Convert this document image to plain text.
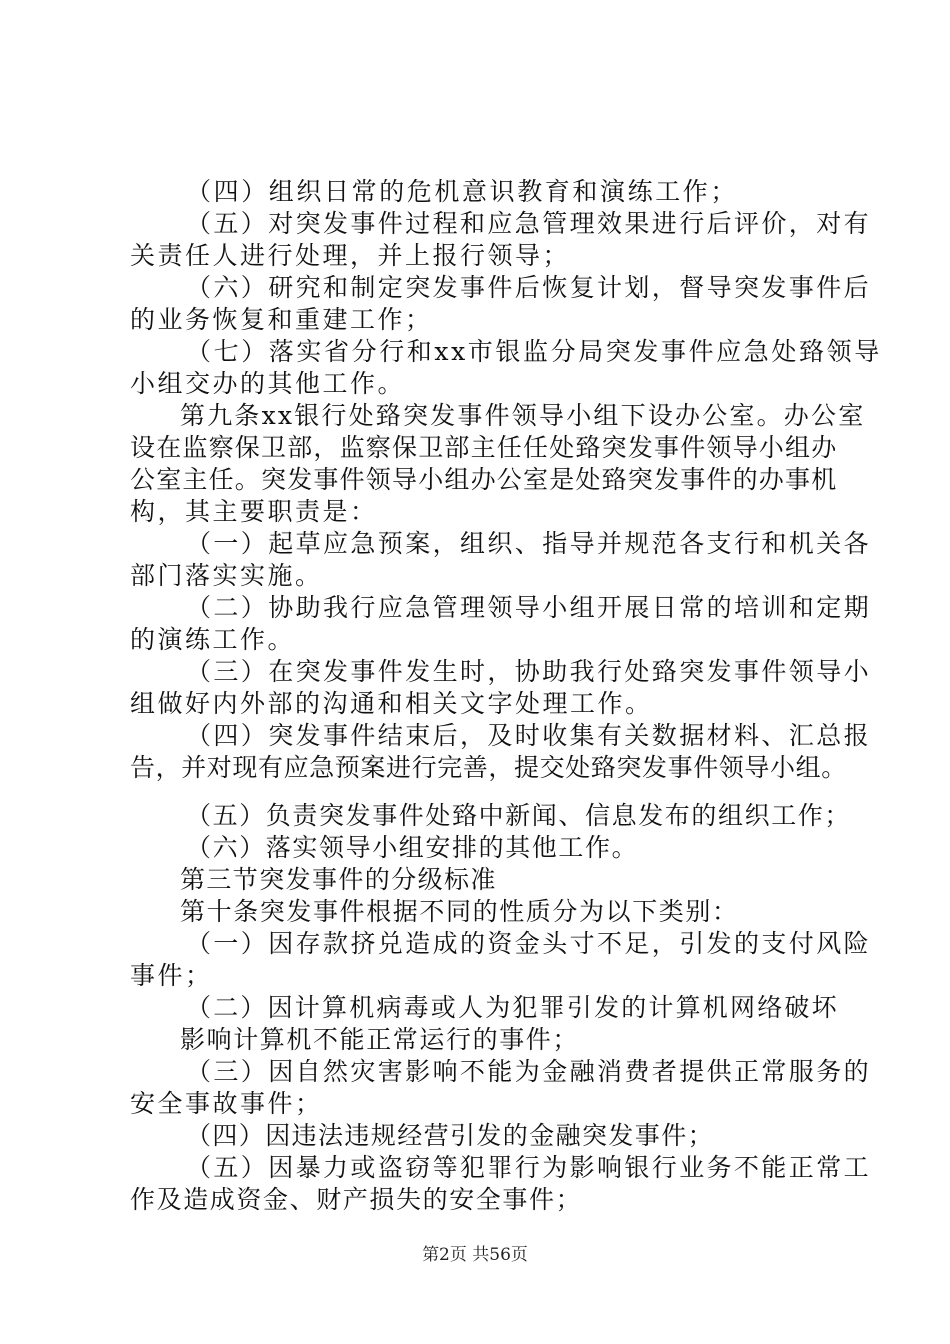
（四）组织日常的危机意识教育和演练工作；
（五）对突发事件过程和应急管理效果进行后评价，对有
关责任人进行处理，并上报行领导；
（六）研究和制定突发事件后恢复计划，督导突发事件后
的业务恢复和重建工作；
（七）落实省分行和xx市银监分局突发事件应急处臵领导
小组交办的其他工作。
第九条xx银行处臵突发事件领导小组下设办公室。办公室
设在监察保卫部，监察保卫部主任任处臵突发事件领导小组办
公室主任。突发事件领导小组办公室是处臵突发事件的办事机
构，其主要职责是：
（一）起草应急预案，组织、指导并规范各支行和机关各
部门落实实施。
（二）协助我行应急管理领导小组开展日常的培训和定期
的演练工作。
（三）在突发事件发生时，协助我行处臵突发事件领导小
组做好内外部的沟通和相关文字处理工作。
（四）突发事件结束后，及时收集有关数据材料、汇总报
告，并对现有应急预案进行完善，提交处臵突发事件领导小组。
（五）负责突发事件处臵中新闻、信息发布的组织工作；
（六）落实领导小组安排的其他工作。
第三节突发事件的分级标准
第十条突发事件根据不同的性质分为以下类别：
（一）因存款挤兑造成的资金头寸不足，引发的支付风险
事件；
（二）因计算机病毒或人为犯罪引发的计算机网络破坏
影响计算机不能正常运行的事件；
（三）因自然灾害影响不能为金融消费者提供正常服务的
安全事故事件；
（四）因违法违规经营引发的金融突发事件；
（五）因暴力或盗窃等犯罪行为影响银行业务不能正常工
作及造成资金、财产损失的安全事件；
第2页 共56页
